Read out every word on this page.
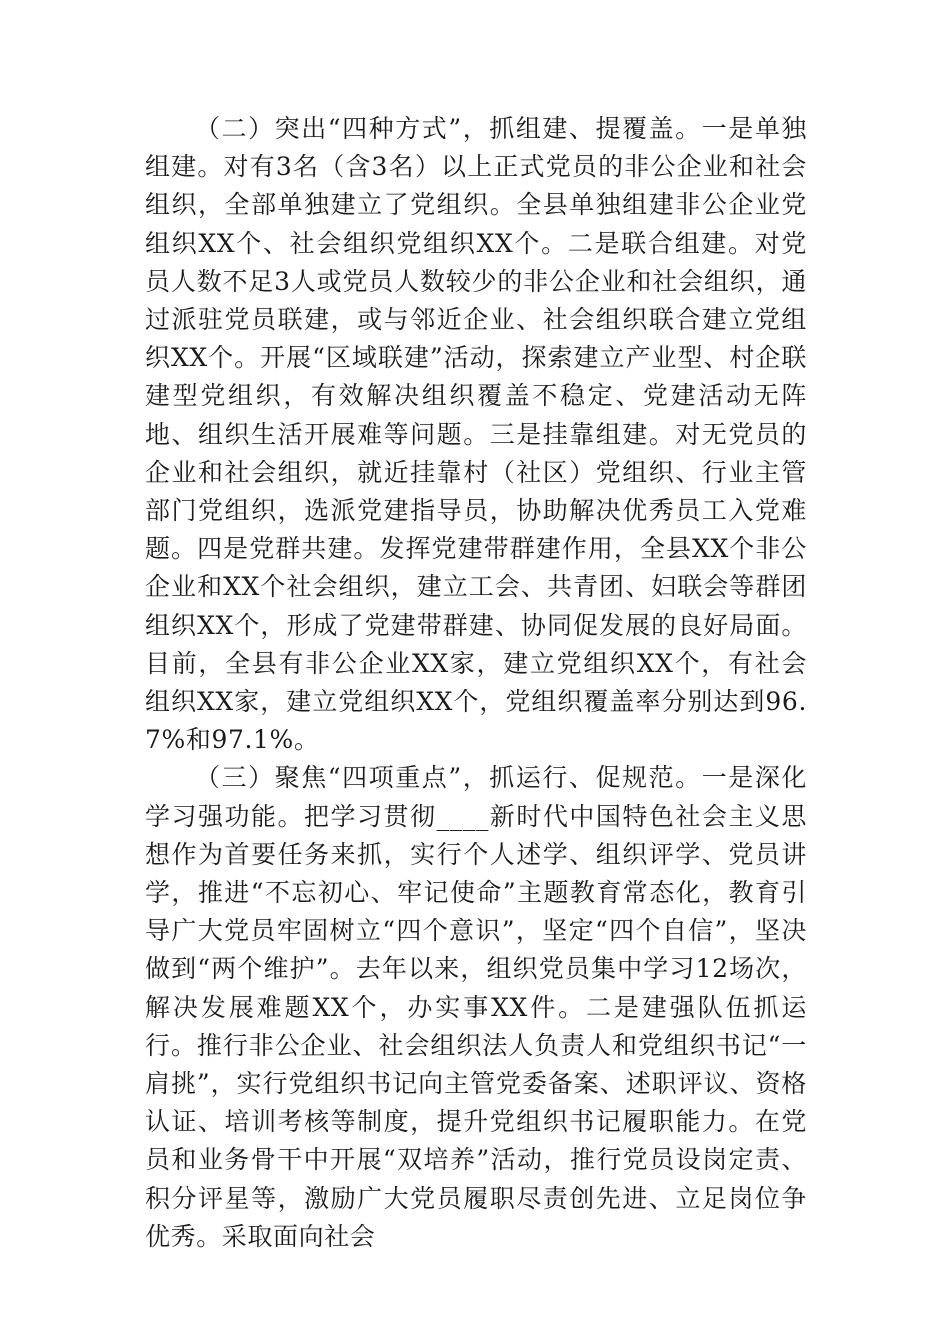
（二）突出“四种方式”，抓组建、提覆盖。一是单独组建。对有3名（含3名）以上正式党员的非公企业和社会组织，全部单独建立了党组织。全县单独组建非公企业党组织XX个、社会组织党组织XX个。二是联合组建。对党员人数不足3人或党员人数较少的非公企业和社会组织，通过派驻党员联建，或与邻近企业、社会组织联合建立党组织XX个。开展“区域联建”活动，探索建立产业型、村企联建型党组织，有效解决组织覆盖不稳定、党建活动无阵地、组织生活开展难等问题。三是挂靠组建。对无党员的企业和社会组织，就近挂靠村（社区）党组织、行业主管部门党组织，选派党建指导员，协助解决优秀员工入党难题。四是党群共建。发挥党建带群建作用，全县XX个非公企业和XX个社会组织，建立工会、共青团、妇联会等群团组织XX个，形成了党建带群建、协同促发展的良好局面。目前，全县有非公企业XX家，建立党组织XX个，有社会组织XX家，建立党组织XX个，党组织覆盖率分别达到96.7%和97.1%。

（三）聚焦“四项重点”，抓运行、促规范。一是深化学习强功能。把学习贯彻____新时代中国特色社会主义思想作为首要任务来抓，实行个人述学、组织评学、党员讲学，推进“不忘初心、牢记使命”主题教育常态化，教育引导广大党员牢固树立“四个意识”，坚定“四个自信”，坚决做到“两个维护”。去年以来，组织党员集中学习12场次，解决发展难题XX个，办实事XX件。二是建强队伍抓运行。推行非公企业、社会组织法人负责人和党组织书记“一肩挑”，实行党组织书记向主管党委备案、述职评议、资格认证、培训考核等制度，提升党组织书记履职能力。在党员和业务骨干中开展“双培养”活动，推行党员设岗定责、积分评星等，激励广大党员履职尽责创先进、立足岗位争优秀。采取面向社会
